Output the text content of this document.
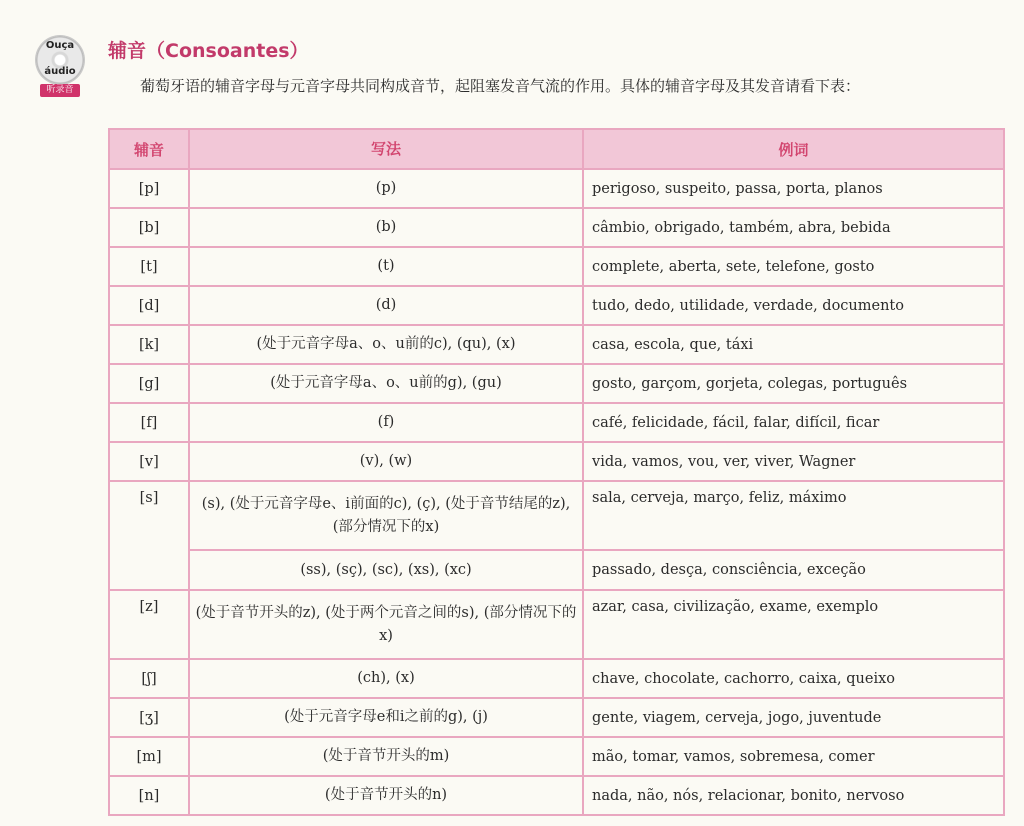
Ouça
áudio
听录音
辅音（Consoantes）
葡萄牙语的辅音字母与元音字母共同构成音节，起阻塞发音气流的作用。具体的辅音字母及其发音请看下表：
辅音	写法	例词
[p]	(p)	perigoso, suspeito, passa, porta, planos
[b]	(b)	câmbio, obrigado, também, abra, bebida
[t]	(t)	complete, aberta, sete, telefone, gosto
[d]	(d)	tudo, dedo, utilidade, verdade, documento
[k]	(处于元音字母a、o、u前的c), (qu), (x)	casa, escola, que, táxi
[g]	(处于元音字母a、o、u前的g), (gu)	gosto, garçom, gorjeta, colegas, português
[f]	(f)	café, felicidade, fácil, falar, difícil, ficar
[v]	(v), (w)	vida, vamos, vou, ver, viver, Wagner
[s]	(s), (处于元音字母e、i前面的c), (ç), (处于音节结尾的z), (部分情况下的x)	sala, cerveja, março, feliz, máximo
	(ss), (sç), (sc), (xs), (xc)	passado, desça, consciência, exceção
[z]	(处于音节开头的z), (处于两个元音之间的s), (部分情况下的x)	azar, casa, civilização, exame, exemplo
[ʃ]	(ch), (x)	chave, chocolate, cachorro, caixa, queixo
[ʒ]	(处于元音字母e和i之前的g), (j)	gente, viagem, cerveja, jogo, juventude
[m]	(处于音节开头的m)	mão, tomar, vamos, sobremesa, comer
[n]	(处于音节开头的n)	nada, não, nós, relacionar, bonito, nervoso
